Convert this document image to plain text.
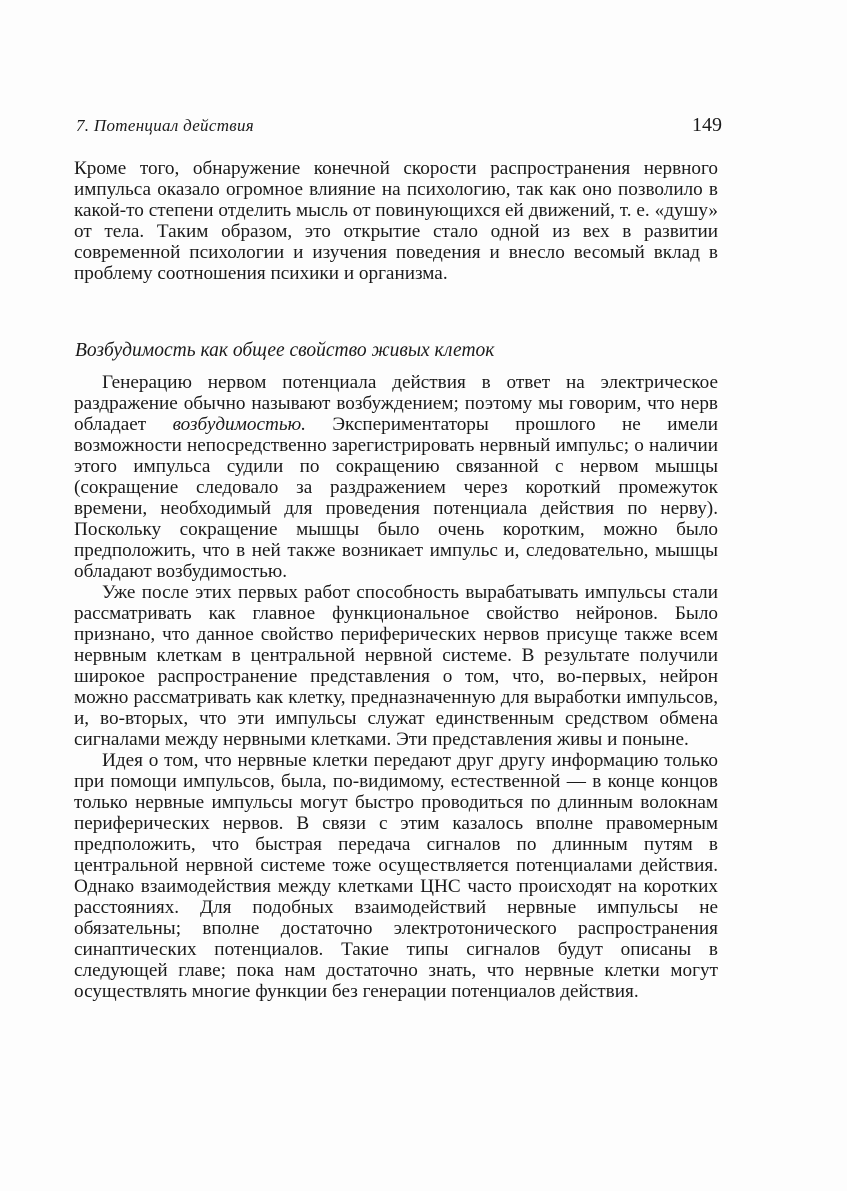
7. Потенциал действия	149

Кроме того, обнаружение конечной скорости распространения нервного импульса оказало огромное влияние на психологию, так как оно позволило в какой-то степени отделить мысль от повинующихся ей движений, т. е. «душу» от тела. Таким образом, это открытие стало одной из вех в развитии современной психологии и изучения поведения и внесло весомый вклад в проблему соотношения психики и организма.

Возбудимость как общее свойство живых клеток

Генерацию нервом потенциала действия в ответ на электрическое раздражение обычно называют возбуждением; поэтому мы говорим, что нерв обладает возбудимостью. Экспериментаторы прошлого не имели возможности непосредственно зарегистрировать нервный импульс; о наличии этого импульса судили по сокращению связанной с нервом мышцы (сокращение следовало за раздражением через короткий промежуток времени, необходимый для проведения потенциала действия по нерву). Поскольку сокращение мышцы было очень коротким, можно было предположить, что в ней также возникает импульс и, следовательно, мышцы обладают возбудимостью.

Уже после этих первых работ способность вырабатывать импульсы стали рассматривать как главное функциональное свойство нейронов. Было признано, что данное свойство периферических нервов присуще также всем нервным клеткам в центральной нервной системе. В результате получили широкое распространение представления о том, что, во-первых, нейрон можно рассматривать как клетку, предназначенную для выработки импульсов, и, во-вторых, что эти импульсы служат единственным средством обмена сигналами между нервными клетками. Эти представления живы и поныне.

Идея о том, что нервные клетки передают друг другу информацию только при помощи импульсов, была, по-видимому, естественной — в конце концов только нервные импульсы могут быстро проводиться по длинным волокнам периферических нервов. В связи с этим казалось вполне правомерным предположить, что быстрая передача сигналов по длинным путям в центральной нервной системе тоже осуществляется потенциалами действия. Однако взаимодействия между клетками ЦНС часто происходят на коротких расстояниях. Для подобных взаимодействий нервные импульсы не обязательны; вполне достаточно электротонического распространения синаптических потенциалов. Такие типы сигналов будут описаны в следующей главе; пока нам достаточно знать, что нервные клетки могут осуществлять многие функции без генерации потенциалов действия.
